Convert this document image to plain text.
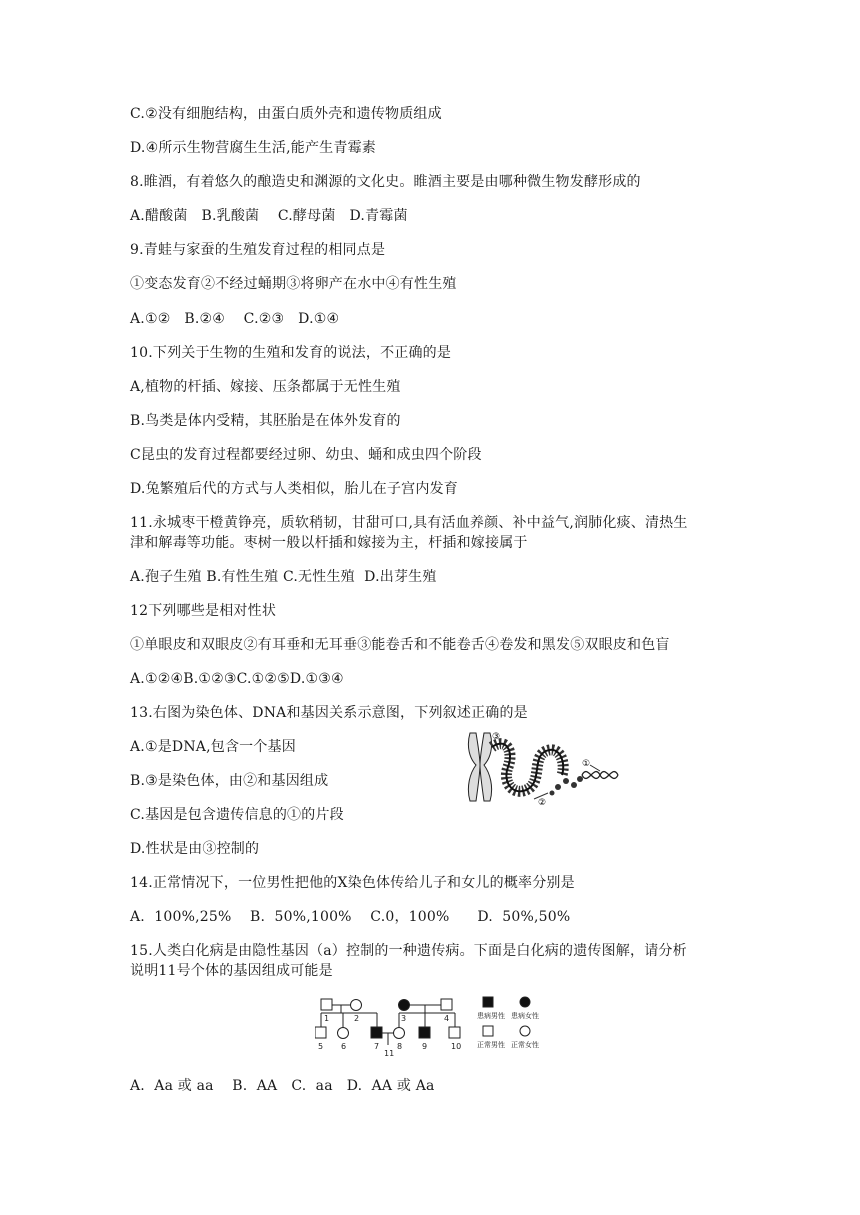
C.②没有细胞结构，由蛋白质外壳和遗传物质组成
D.④所示生物营腐生生活,能产生青霉素
8.睢酒，有着悠久的酿造史和渊源的文化史。睢酒主要是由哪种微生物发酵形成的
A.醋酸菌   B.乳酸菌    C.酵母菌   D.青霉菌
9.青蛙与家蚕的生殖发育过程的相同点是
①变态发育②不经过蛹期③将卵产在水中④有性生殖
A.①②   B.②④    C.②③   D.①④
10.下列关于生物的生殖和发育的说法，不正确的是
A,植物的杆插、嫁接、压条都属于无性生殖
B.鸟类是体内受精，其胚胎是在体外发育的
C昆虫的发育过程都要经过卵、幼虫、蛹和成虫四个阶段
D.兔繁殖后代的方式与人类相似，胎儿在子宫内发育
11.永城枣干橙黄铮亮，质软稍韧，甘甜可口,具有活血养颜、补中益气,润肺化痰、清热生
津和解毒等功能。枣树一般以杆插和嫁接为主，杆插和嫁接属于
A.孢子生殖 B.有性生殖 C.无性生殖  D.出芽生殖
12下列哪些是相对性状
①单眼皮和双眼皮②有耳垂和无耳垂③能卷舌和不能卷舌④卷发和黑发⑤双眼皮和色盲
A.①②④B.①②③C.①②⑤D.①③④
13.右图为染色体、DNA和基因关系示意图，下列叙述正确的是
A.①是DNA,包含一个基因
B.③是染色体，由②和基因组成
C.基因是包含遗传信息的①的片段
D.性状是由③控制的
14.正常情况下，一位男性把他的X染色体传给儿子和女儿的概率分别是
A.  100%,25%    B.  50%,100%    C.0，100%      D.  50%,50%
15.人类白化病是由隐性基因（a）控制的一种遗传病。下面是白化病的遗传图解，请分析
说明11号个体的基因组成可能是
A.  Aa 或 aa    B.  AA   C.  aa   D.  AA 或 Aa
①
②
③
1	2	3	4
5 6	7 8 9	10
11
患病男性 患病女性
正常男性 正常女性
